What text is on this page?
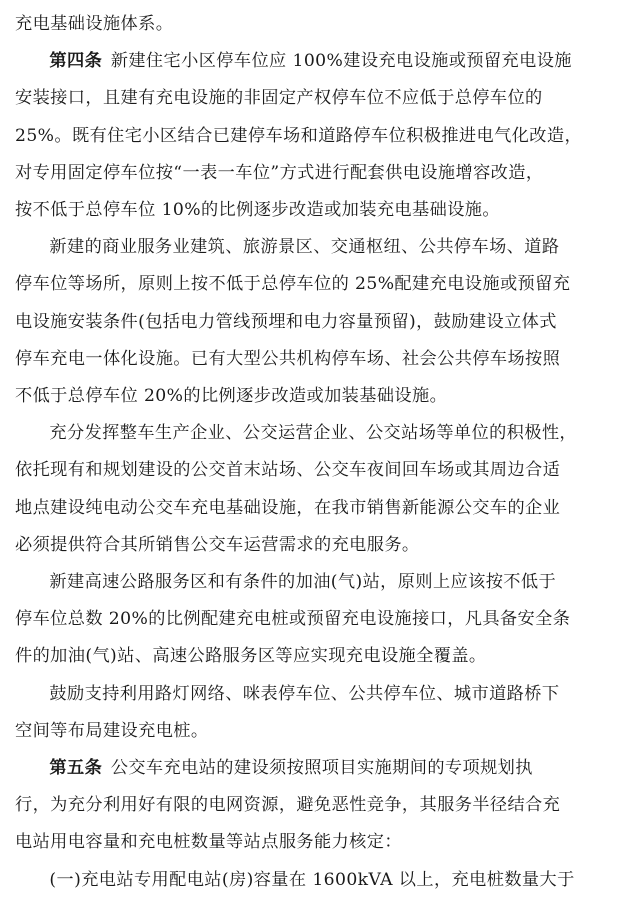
充电基础设施体系。

第四条 新建住宅小区停车位应 100%建设充电设施或预留充电设施
安装接口，且建有充电设施的非固定产权停车位不应低于总停车位的
25%。既有住宅小区结合已建停车场和道路停车位积极推进电气化改造，
对专用固定停车位按“一表一车位”方式进行配套供电设施增容改造，
按不低于总停车位 10%的比例逐步改造或加装充电基础设施。

新建的商业服务业建筑、旅游景区、交通枢纽、公共停车场、道路
停车位等场所，原则上按不低于总停车位的 25%配建充电设施或预留充
电设施安装条件(包括电力管线预埋和电力容量预留)，鼓励建设立体式
停车充电一体化设施。已有大型公共机构停车场、社会公共停车场按照
不低于总停车位 20%的比例逐步改造或加装基础设施。

充分发挥整车生产企业、公交运营企业、公交站场等单位的积极性，
依托现有和规划建设的公交首末站场、公交车夜间回车场或其周边合适
地点建设纯电动公交车充电基础设施，在我市销售新能源公交车的企业
必须提供符合其所销售公交车运营需求的充电服务。

新建高速公路服务区和有条件的加油(气)站，原则上应该按不低于
停车位总数 20%的比例配建充电桩或预留充电设施接口，凡具备安全条
件的加油(气)站、高速公路服务区等应实现充电设施全覆盖。

鼓励支持利用路灯网络、咪表停车位、公共停车位、城市道路桥下
空间等布局建设充电桩。

第五条 公交车充电站的建设须按照项目实施期间的专项规划执
行，为充分利用好有限的电网资源，避免恶性竞争，其服务半径结合充
电站用电容量和充电桩数量等站点服务能力核定：

(一)充电站专用配电站(房)容量在 1600kVA 以上，充电桩数量大于
